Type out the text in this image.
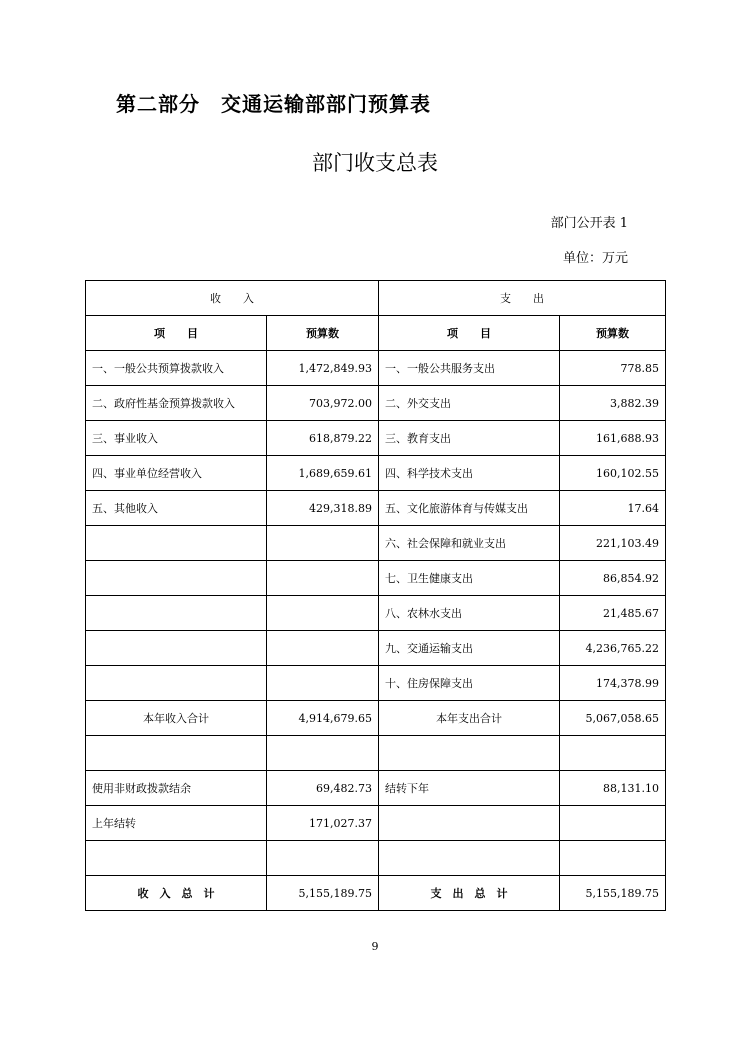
第二部分　交通运输部部门预算表
部门收支总表
部门公开表 1
单位：万元
收　　入		支　　出	
项　　目	预算数	项　　目	预算数
一、一般公共预算拨款收入	1,472,849.93	一、一般公共服务支出	778.85
二、政府性基金预算拨款收入	703,972.00	二、外交支出	3,882.39
三、事业收入	618,879.22	三、教育支出	161,688.93
四、事业单位经营收入	1,689,659.61	四、科学技术支出	160,102.55
五、其他收入	429,318.89	五、文化旅游体育与传媒支出	17.64
		六、社会保障和就业支出	221,103.49
		七、卫生健康支出	86,854.92
		八、农林水支出	21,485.67
		九、交通运输支出	4,236,765.22
		十、住房保障支出	174,378.99
本年收入合计	4,914,679.65	本年支出合计	5,067,058.65

使用非财政拨款结余	69,482.73	结转下年	88,131.10
上年结转	171,027.37		

收　入　总　计	5,155,189.75	支　出　总　计	5,155,189.75
9
